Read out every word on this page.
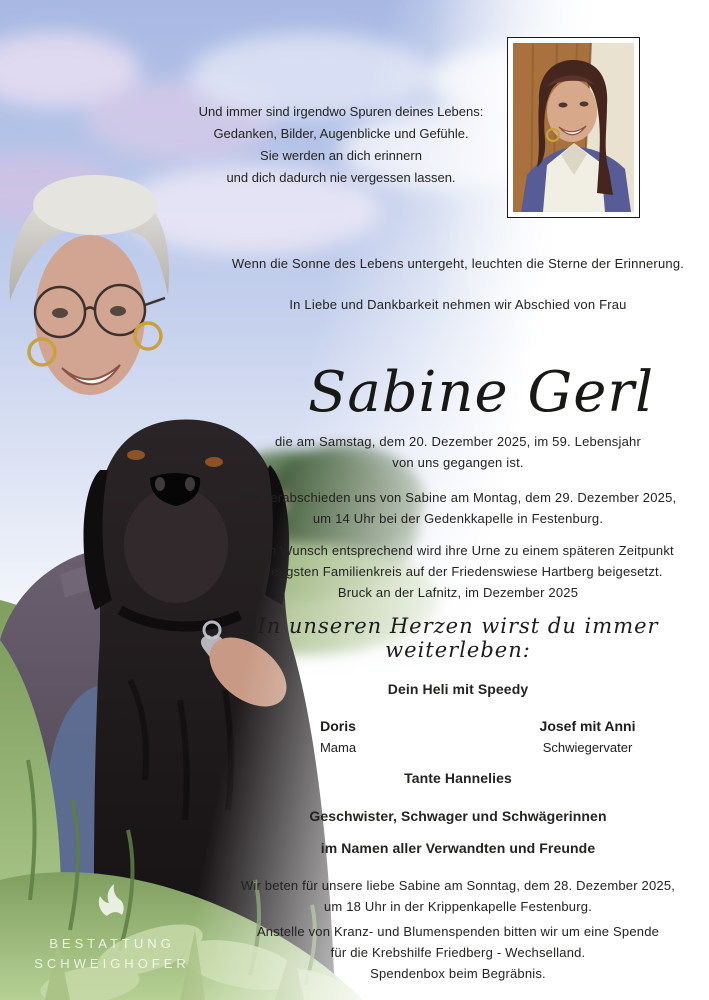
BESTATTUNG
SCHWEIGHOFER
Und immer sind irgendwo Spuren deines Lebens:
Gedanken, Bilder, Augenblicke und Gefühle.
Sie werden an dich erinnern
und dich dadurch nie vergessen lassen.
Wenn die Sonne des Lebens untergeht, leuchten die Sterne der Erinnerung.
In Liebe und Dankbarkeit nehmen wir Abschied von Frau
Sabine Gerl
die am Samstag, dem 20. Dezember 2025, im 59. Lebensjahr
von uns gegangen ist.
Wir verabschieden uns von Sabine am Montag, dem 29. Dezember 2025,
um 14 Uhr bei der Gedenkkapelle in Festenburg.
Ihrem Wunsch entsprechend wird ihre Urne zu einem späteren Zeitpunkt
im engsten Familienkreis auf der Friedenswiese Hartberg beigesetzt.
Bruck an der Lafnitz, im Dezember 2025
In unseren Herzen wirst du immer weiterleben:
Dein Heli mit Speedy
Doris
Mama
Josef mit Anni
Schwiegervater
Tante Hannelies
Geschwister, Schwager und Schwägerinnen
im Namen aller Verwandten und Freunde
Wir beten für unsere liebe Sabine am Sonntag, dem 28. Dezember 2025,
um 18 Uhr in der Krippenkapelle Festenburg.
Anstelle von Kranz- und Blumenspenden bitten wir um eine Spende
für die Krebshilfe Friedberg - Wechselland.
Spendenbox beim Begräbnis.
